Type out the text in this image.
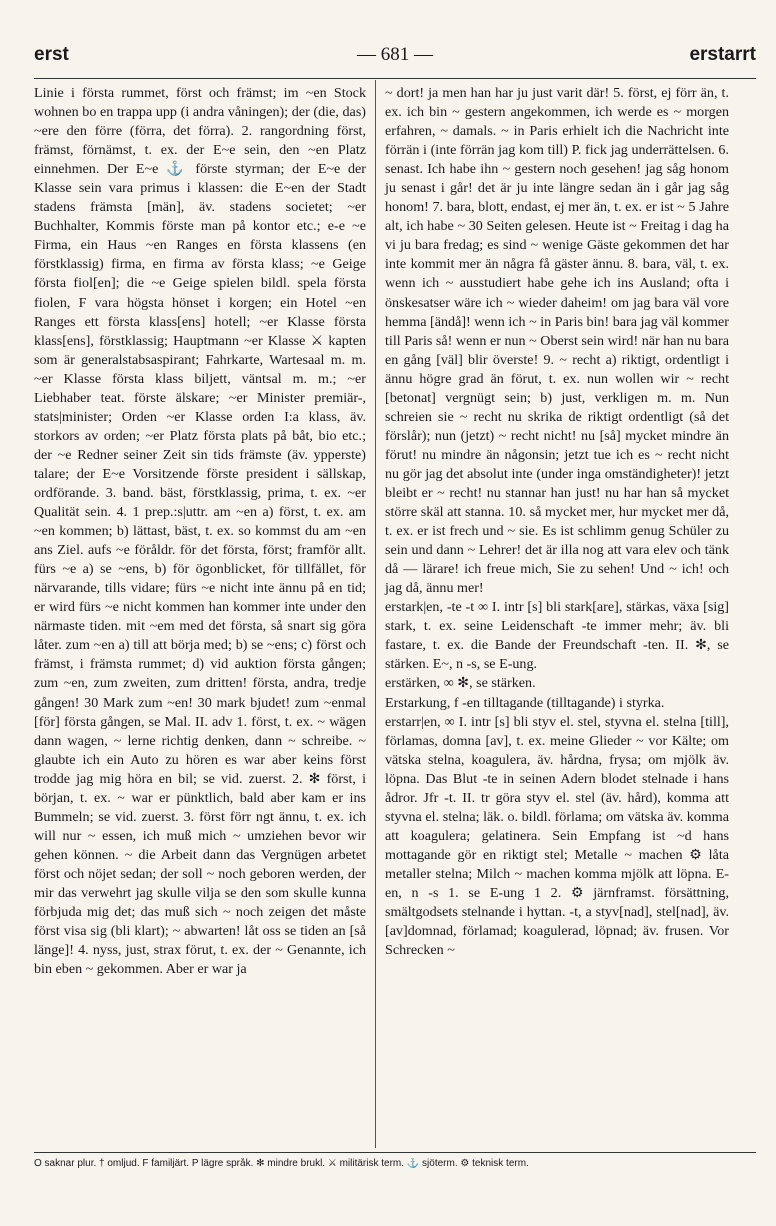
erst	— 681 —	erstarrt

Linie i första rummet, först och främst; im ~en Stock wohnen bo en trappa upp (i andra våningen); der (die, das) ~ere den förre (förra, det förra). 2. rangordning först, främst, förnämst, t. ex. der E~e sein, den ~en Platz einnehmen. Der E~e ⚓ förste styrman; der E~e der Klasse sein vara primus i klassen: die E~en der Stadt stadens främsta [män], äv. stadens societet; ~er Buchhalter, Kommis förste man på kontor etc.; e-e ~e Firma, ein Haus ~en Ranges en första klassens (en förstklassig) firma, en firma av första klass; ~e Geige första fiol[en]; die ~e Geige spielen bildl. spela första fiolen, F vara högsta hönset i korgen; ein Hotel ~en Ranges ett första klass[ens] hotell; ~er Klasse första klass[ens], förstklassig; Hauptmann ~er Klasse ⚔ kapten som är generalstabsaspirant; Fahrkarte, Wartesaal m. m. ~er Klasse första klass biljett, väntsal m. m.; ~er Liebhaber teat. förste älskare; ~er Minister premiär-, stats|minister; Orden ~er Klasse orden I:a klass, äv. storkors av orden; ~er Platz första plats på båt, bio etc.; der ~e Redner seiner Zeit sin tids främste (äv. ypperste) talare; der E~e Vorsitzende förste president i sällskap, ordförande. 3. band. bäst, förstklassig, prima, t. ex. ~er Qualität sein. 4. 1 prep.:s|uttr. am ~en a) först, t. ex. am ~en kommen; b) lättast, bäst, t. ex. so kommst du am ~en ans Ziel. aufs ~e föråldr. för det första, först; framför allt. fürs ~e a) se ~ens, b) för ögonblicket, för tillfället, för närvarande, tills vidare; fürs ~e nicht inte ännu på en tid; er wird fürs ~e nicht kommen han kommer inte under den närmaste tiden. mit ~em med det första, så snart sig göra låter. zum ~en a) till att börja med; b) se ~ens; c) först och främst, i främsta rummet; d) vid auktion första gången; zum ~en, zum zweiten, zum dritten! första, andra, tredje gången! 30 Mark zum ~en! 30 mark bjudet! zum ~enmal [för] första gången, se Mal. II. adv 1. först, t. ex. ~ wägen dann wagen, ~ lerne richtig denken, dann ~ schreibe. ~ glaubte ich ein Auto zu hören es war aber keins först trodde jag mig höra en bil; se vid. zuerst. 2. ✻ först, i början, t. ex. ~ war er pünktlich, bald aber kam er ins Bummeln; se vid. zuerst. 3. först förr ngt ännu, t. ex. ich will nur ~ essen, ich muß mich ~ umziehen bevor wir gehen können. ~ die Arbeit dann das Vergnügen arbetet först och nöjet sedan; der soll ~ noch geboren werden, der mir das verwehrt jag skulle vilja se den som skulle kunna förbjuda mig det; das muß sich ~ noch zeigen det måste först visa sig (bli klart); ~ abwarten! låt oss se tiden an [så länge]! 4. nyss, just, strax förut, t. ex. der ~ Genannte, ich bin eben ~ gekommen. Aber er war ja

~ dort! ja men han har ju just varit där! 5. först, ej förr än, t. ex. ich bin ~ gestern angekommen, ich werde es ~ morgen erfahren, ~ damals. ~ in Paris erhielt ich die Nachricht inte förrän i (inte förrän jag kom till) P. fick jag underrättelsen. 6. senast. Ich habe ihn ~ gestern noch gesehen! jag såg honom ju senast i går! det är ju inte längre sedan än i går jag såg honom! 7. bara, blott, endast, ej mer än, t. ex. er ist ~ 5 Jahre alt, ich habe ~ 30 Seiten gelesen. Heute ist ~ Freitag i dag ha vi ju bara fredag; es sind ~ wenige Gäste gekommen det har inte kommit mer än några få gäster ännu. 8. bara, väl, t. ex. wenn ich ~ ausstudiert habe gehe ich ins Ausland; ofta i önskesatser wäre ich ~ wieder daheim! om jag bara väl vore hemma [ändå]! wenn ich ~ in Paris bin! bara jag väl kommer till Paris så! wenn er nun ~ Oberst sein wird! när han nu bara en gång [väl] blir överste! 9. ~ recht a) riktigt, ordentligt i ännu högre grad än förut, t. ex. nun wollen wir ~ recht [betonat] vergnügt sein; b) just, verkligen m. m. Nun schreien sie ~ recht nu skrika de riktigt ordentligt (så det förslår); nun (jetzt) ~ recht nicht! nu [så] mycket mindre än förut! nu mindre än någonsin; jetzt tue ich es ~ recht nicht nu gör jag det absolut inte (under inga omständigheter)! jetzt bleibt er ~ recht! nu stannar han just! nu har han så mycket större skäl att stanna. 10. så mycket mer, hur mycket mer då, t. ex. er ist frech und ~ sie. Es ist schlimm genug Schüler zu sein und dann ~ Lehrer! det är illa nog att vara elev och tänk då — lärare! ich freue mich, Sie zu sehen! Und ~ ich! och jag då, ännu mer!

erstark|en, -te -t ∞ I. intr [s] bli stark[are], stärkas, växa [sig] stark, t. ex. seine Leidenschaft -te immer mehr; äv. bli fastare, t. ex. die Bande der Freundschaft -ten. II. ✻, se stärken. E~, n -s, se E-ung.

erstärken, ∞ ✻, se stärken.

Erstarkung, f -en tilltagande (tilltagande) i styrka.

erstarr|en, ∞ I. intr [s] bli styv el. stel, styvna el. stelna [till], förlamas, domna [av], t. ex. meine Glieder ~ vor Kälte; om vätska stelna, koagulera, äv. hårdna, frysa; om mjölk äv. löpna. Das Blut -te in seinen Adern blodet stelnade i hans ådror. Jfr -t. II. tr göra styv el. stel (äv. hård), komma att styvna el. stelna; läk. o. bildl. förlama; om vätska äv. komma att koagulera; gelatinera. Sein Empfang ist ~d hans mottagande gör en riktigt stel; Metalle ~ machen ⚙ låta metaller stelna; Milch ~ machen komma mjölk att löpna. E-en, n -s 1. se E-ung 1 2. ⚙ järnframst. försättning, smältgodsets stelnande i hyttan. -t, a styv[nad], stel[nad], äv. [av]domnad, förlamad; koagulerad, löpnad; äv. frusen. Vor Schrecken ~

O saknar plur. † omljud. F familjärt. P lägre språk. ✻ mindre brukl. ⚔ militärisk term. ⚓ sjöterm. ⚙ teknisk term.
